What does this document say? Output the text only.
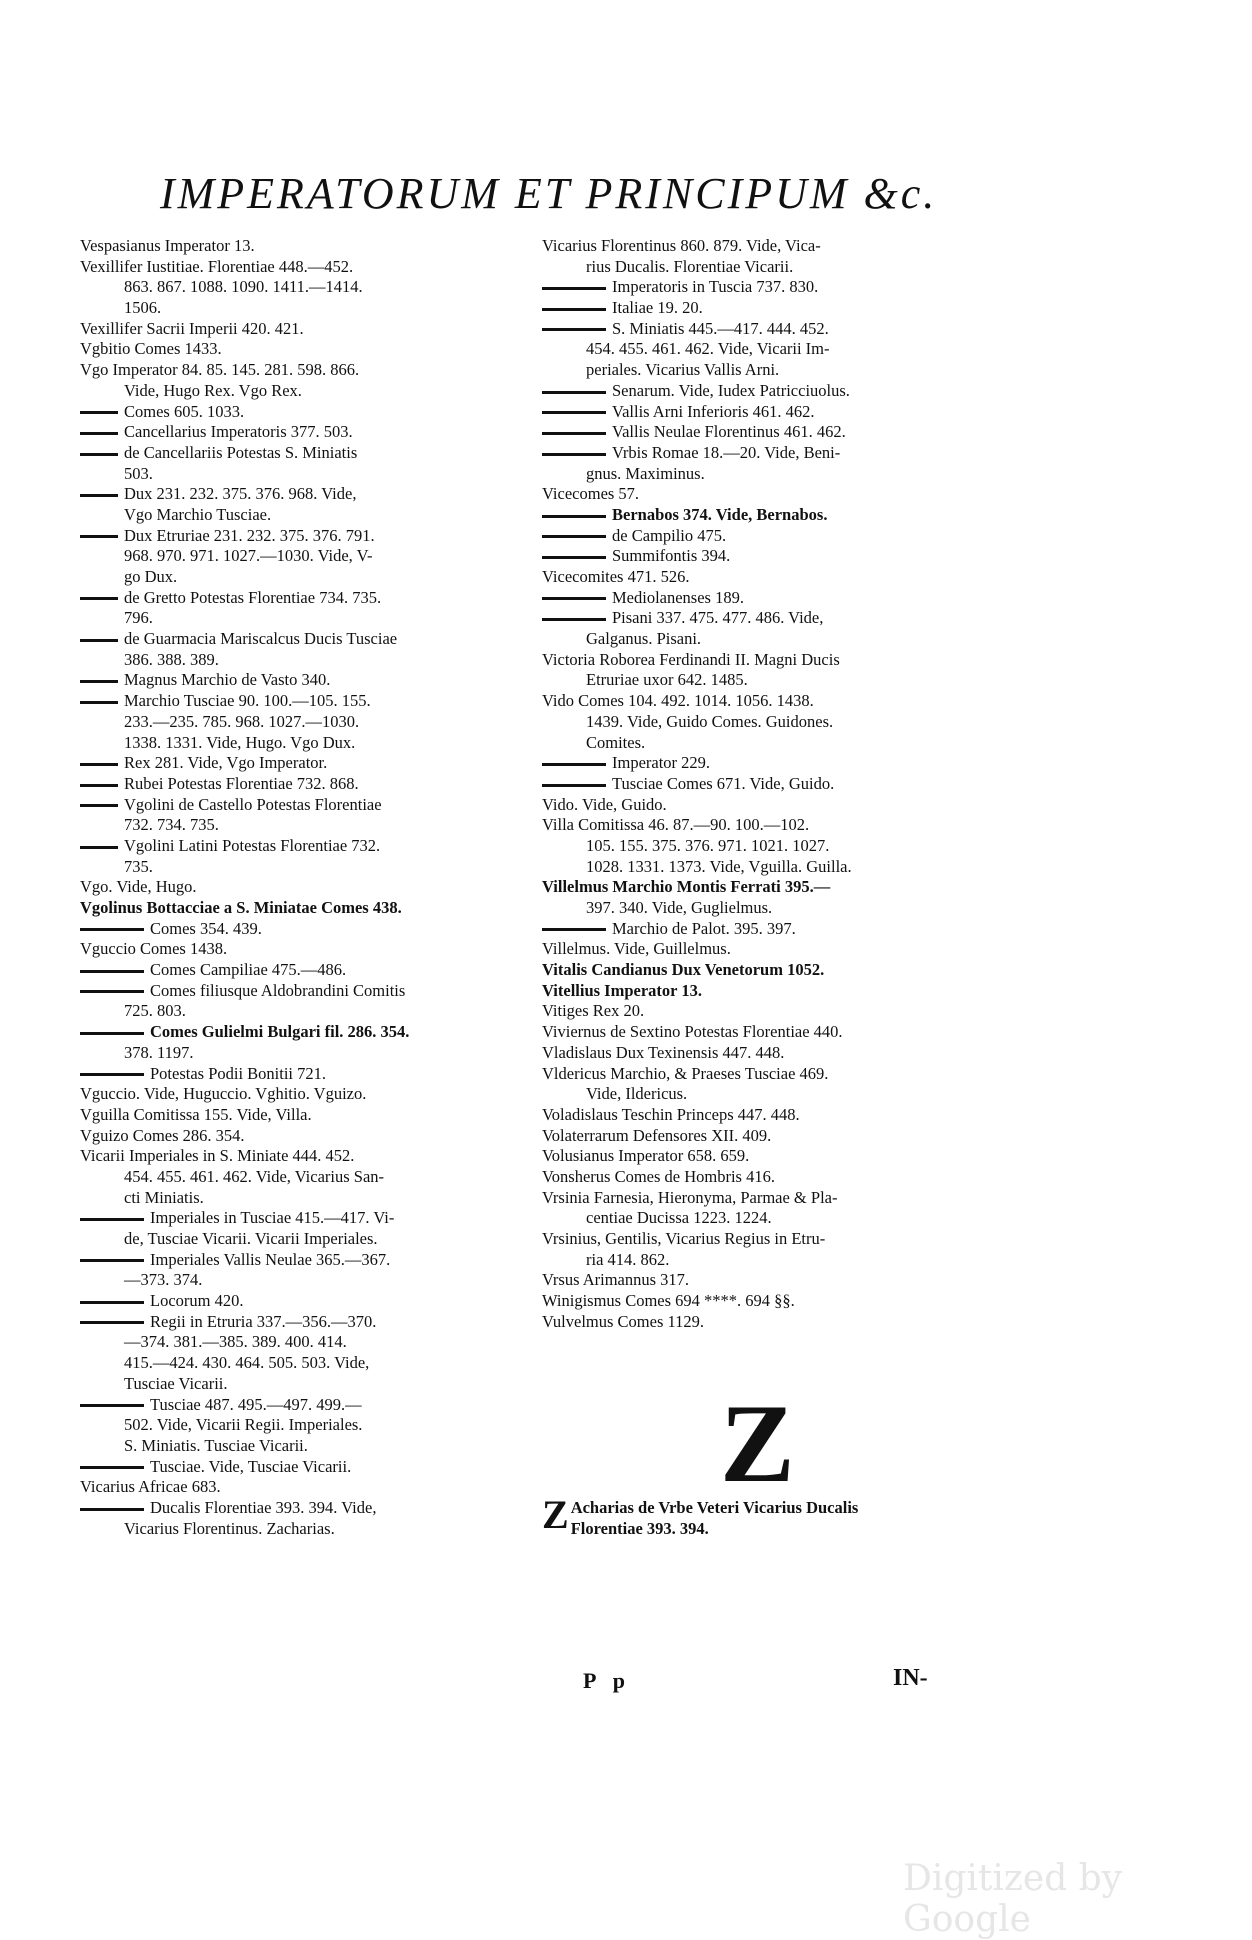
IMPERATORUM ET PRINCIPUM &c.
Vespasianus Imperator 13.
Vexillifer Iustitiae. Florentiae 448.—452.
863. 867. 1088. 1090. 1411.—1414.
1506.
Vexillifer Sacrii Imperii 420. 421.
Vgbitio Comes 1433.
Vgo Imperator 84. 85. 145. 281. 598. 866.
Vide, Hugo Rex. Vgo Rex.
Comes 605. 1033.
Cancellarius Imperatoris 377. 503.
de Cancellariis Potestas S. Miniatis
503.
Dux 231. 232. 375. 376. 968. Vide,
Vgo Marchio Tusciae.
Dux Etruriae 231. 232. 375. 376. 791.
968. 970. 971. 1027.—1030. Vide, V-
go Dux.
de Gretto Potestas Florentiae 734. 735.
796.
de Guarmacia Mariscalcus Ducis Tusciae
386. 388. 389.
Magnus Marchio de Vasto 340.
Marchio Tusciae 90. 100.—105. 155.
233.—235. 785. 968. 1027.—1030.
1338. 1331. Vide, Hugo. Vgo Dux.
Rex 281. Vide, Vgo Imperator.
Rubei Potestas Florentiae 732. 868.
Vgolini de Castello Potestas Florentiae
732. 734. 735.
Vgolini Latini Potestas Florentiae 732.
735.
Vgo. Vide, Hugo.
Vgolinus Bottacciae a S. Miniatae Comes 438.
Comes 354. 439.
Vguccio Comes 1438.
Comes Campiliae 475.—486.
Comes filiusque Aldobrandini Comitis
725. 803.
Comes Gulielmi Bulgari fil. 286. 354.
378. 1197.
Potestas Podii Bonitii 721.
Vguccio. Vide, Huguccio. Vghitio. Vguizo.
Vguilla Comitissa 155. Vide, Villa.
Vguizo Comes 286. 354.
Vicarii Imperiales in S. Miniate 444. 452.
454. 455. 461. 462. Vide, Vicarius San-
cti Miniatis.
Imperiales in Tusciae 415.—417. Vi-
de, Tusciae Vicarii. Vicarii Imperiales.
Imperiales Vallis Neulae 365.—367.
—373. 374.
Locorum 420.
Regii in Etruria 337.—356.—370.
—374. 381.—385. 389. 400. 414.
415.—424. 430. 464. 505. 503. Vide,
Tusciae Vicarii.
Tusciae 487. 495.—497. 499.—
502. Vide, Vicarii Regii. Imperiales.
S. Miniatis. Tusciae Vicarii.
Tusciae. Vide, Tusciae Vicarii.
Vicarius Africae 683.
Ducalis Florentiae 393. 394. Vide,
Vicarius Florentinus. Zacharias.
Vicarius Florentinus 860. 879. Vide, Vica-
rius Ducalis. Florentiae Vicarii.
Imperatoris in Tuscia 737. 830.
Italiae 19. 20.
S. Miniatis 445.—417. 444. 452.
454. 455. 461. 462. Vide, Vicarii Im-
periales. Vicarius Vallis Arni.
Senarum. Vide, Iudex Patricciuolus.
Vallis Arni Inferioris 461. 462.
Vallis Neulae Florentinus 461. 462.
Vrbis Romae 18.—20. Vide, Beni-
gnus. Maximinus.
Vicecomes 57.
Bernabos 374. Vide, Bernabos.
de Campilio 475.
Summifontis 394.
Vicecomites 471. 526.
Mediolanenses 189.
Pisani 337. 475. 477. 486. Vide,
Galganus. Pisani.
Victoria Roborea Ferdinandi II. Magni Ducis
Etruriae uxor 642. 1485.
Vido Comes 104. 492. 1014. 1056. 1438.
1439. Vide, Guido Comes. Guidones.
Comites.
Imperator 229.
Tusciae Comes 671. Vide, Guido.
Vido. Vide, Guido.
Villa Comitissa 46. 87.—90. 100.—102.
105. 155. 375. 376. 971. 1021. 1027.
1028. 1331. 1373. Vide, Vguilla. Guilla.
Villelmus Marchio Montis Ferrati 395.—
397. 340. Vide, Guglielmus.
Marchio de Palot. 395. 397.
Villelmus. Vide, Guillelmus.
Vitalis Candianus Dux Venetorum 1052.
Vitellius Imperator 13.
Vitiges Rex 20.
Viviernus de Sextino Potestas Florentiae 440.
Vladislaus Dux Texinensis 447. 448.
Vldericus Marchio, & Praeses Tusciae 469.
Vide, Ildericus.
Voladislaus Teschin Princeps 447. 448.
Volaterrarum Defensores XII. 409.
Volusianus Imperator 658. 659.
Vonsherus Comes de Hombris 416.
Vrsinia Farnesia, Hieronyma, Parmae & Pla-
centiae Ducissa 1223. 1224.
Vrsinius, Gentilis, Vicarius Regius in Etru-
ria 414. 862.
Vrsus Arimannus 317.
Winigismus Comes 694 ****. 694 §§.
Vulvelmus Comes 1129.
Z
Z Acharias de Vrbe Veteri Vicarius Ducalis
Florentiae 393. 394.
P p	IN-
Digitized by Google
